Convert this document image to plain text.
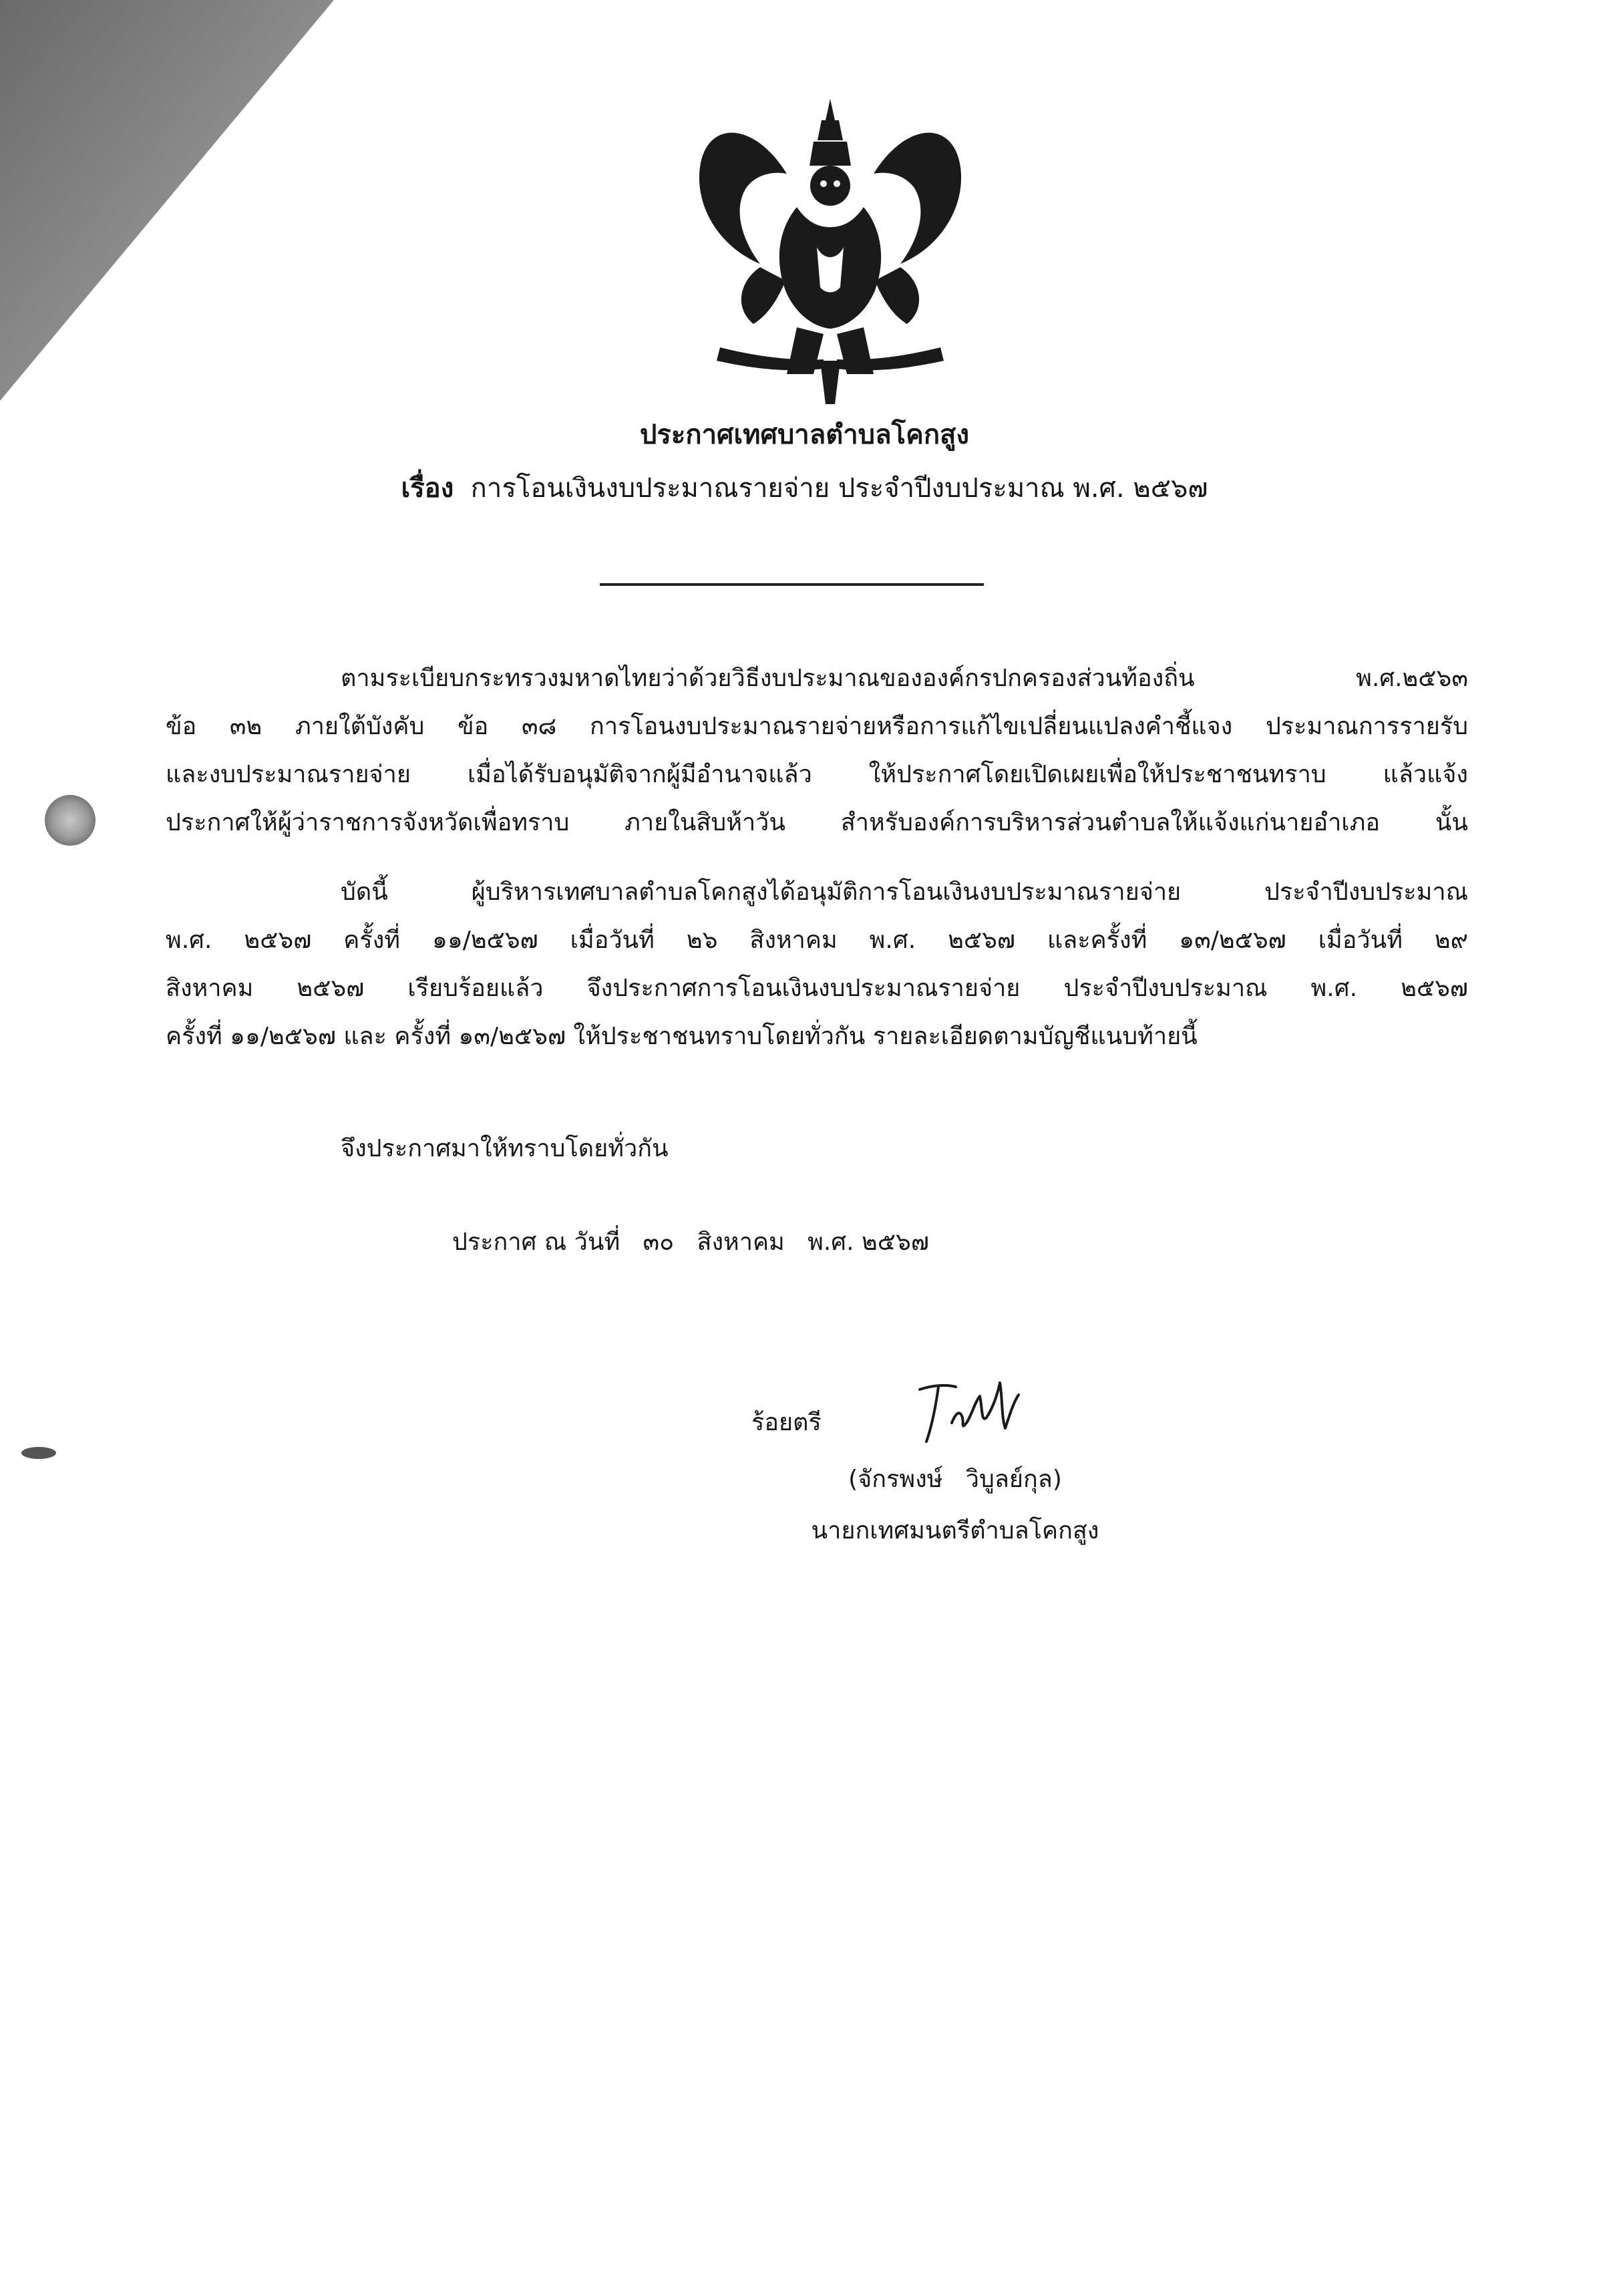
ประกาศเทศบาลตำบลโคกสูง
เรื่อง การโอนเงินงบประมาณรายจ่าย ประจำปีงบประมาณ พ.ศ. ๒๕๖๗
ตามระเบียบกระทรวงมหาดไทยว่าด้วยวิธีงบประมาณขององค์กรปกครองส่วนท้องถิ่น พ.ศ.๒๕๖๓
ข้อ ๓๒ ภายใต้บังคับ ข้อ ๓๘ การโอนงบประมาณรายจ่ายหรือการแก้ไขเปลี่ยนแปลงคำชี้แจง ประมาณการรายรับ
และงบประมาณรายจ่าย เมื่อได้รับอนุมัติจากผู้มีอำนาจแล้ว ให้ประกาศโดยเปิดเผยเพื่อให้ประชาชนทราบ แล้วแจ้ง
ประกาศให้ผู้ว่าราชการจังหวัดเพื่อทราบ ภายในสิบห้าวัน สำหรับองค์การบริหารส่วนตำบลให้แจ้งแก่นายอำเภอ นั้น
บัดนี้ ผู้บริหารเทศบาลตำบลโคกสูงได้อนุมัติการโอนเงินงบประมาณรายจ่าย ประจำปีงบประมาณ
พ.ศ. ๒๕๖๗ ครั้งที่ ๑๑/๒๕๖๗ เมื่อวันที่ ๒๖ สิงหาคม พ.ศ. ๒๕๖๗ และครั้งที่ ๑๓/๒๕๖๗ เมื่อวันที่ ๒๙
สิงหาคม ๒๕๖๗ เรียบร้อยแล้ว จึงประกาศการโอนเงินงบประมาณรายจ่าย ประจำปีงบประมาณ พ.ศ. ๒๕๖๗
ครั้งที่ ๑๑/๒๕๖๗ และ ครั้งที่ ๑๓/๒๕๖๗ ให้ประชาชนทราบโดยทั่วกัน รายละเอียดตามบัญชีแนบท้ายนี้
จึงประกาศมาให้ทราบโดยทั่วกัน
ประกาศ ณ วันที่   ๓๐   สิงหาคม   พ.ศ. ๒๕๖๗
ร้อยตรี
(จักรพงษ์   วิบูลย์กุล)
นายกเทศมนตรีตำบลโคกสูง
